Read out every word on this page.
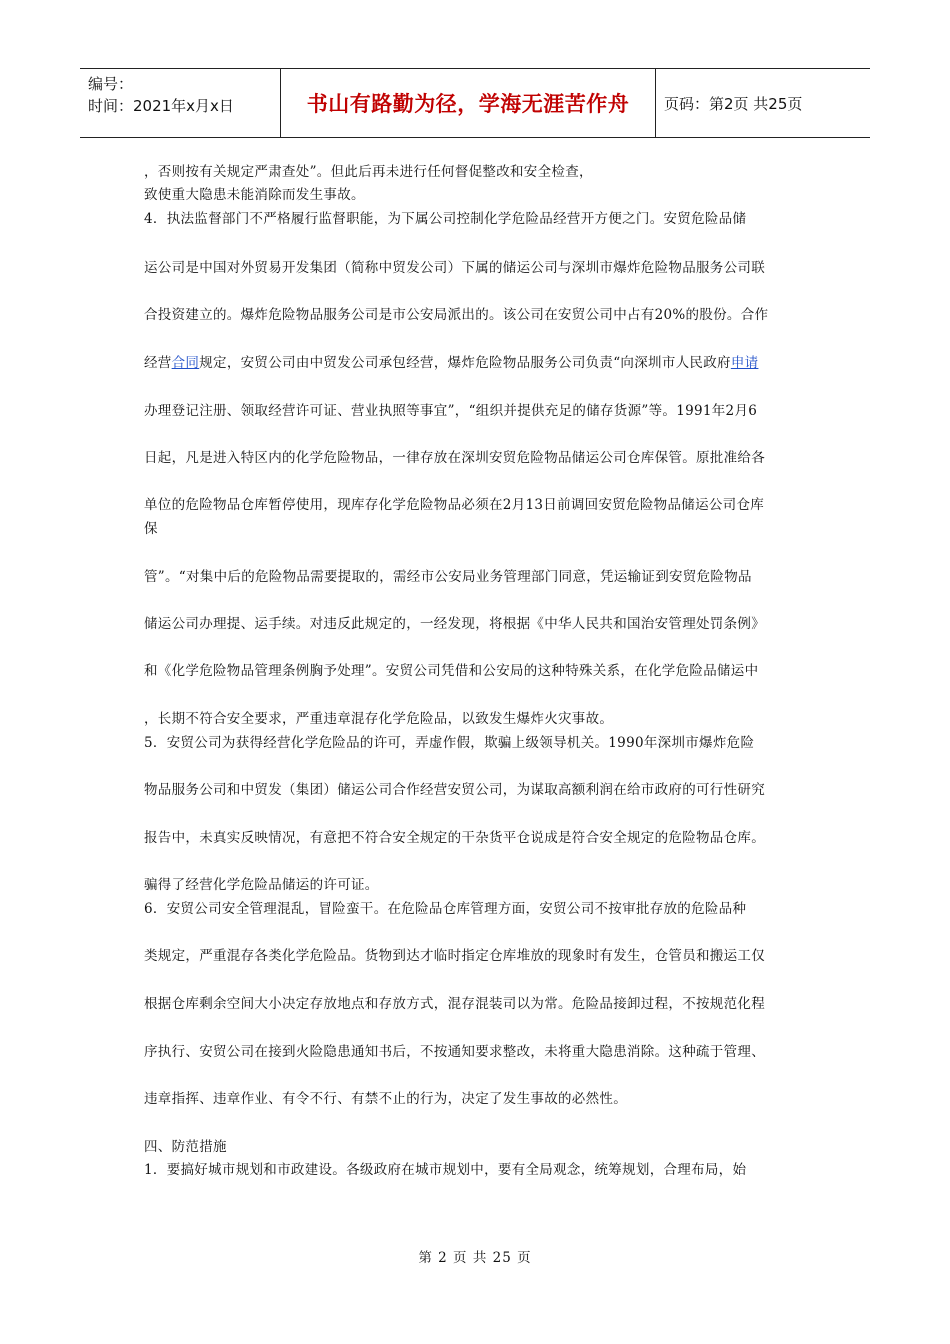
编号：
时间：2021年x月x日	书山有路勤为径，学海无涯苦作舟 页码：第2页 共25页
，否则按有关规定严肃查处”。但此后再未进行任何督促整改和安全检查，
致使重大隐患未能消除而发生事故。
4．执法监督部门不严格履行监督职能，为下属公司控制化学危险品经营开方便之门。安贸危险品储
运公司是中国对外贸易开发集团（简称中贸发公司）下属的储运公司与深圳市爆炸危险物品服务公司联
合投资建立的。爆炸危险物品服务公司是市公安局派出的。该公司在安贸公司中占有20%的股份。合作
经营合同规定，安贸公司由中贸发公司承包经营，爆炸危险物品服务公司负责“向深圳市人民政府申请
办理登记注册、领取经营许可证、营业执照等事宜”，“组织并提供充足的储存货源”等。1991年2月6
日起，凡是进入特区内的化学危险物品，一律存放在深圳安贸危险物品储运公司仓库保管。原批准给各
单位的危险物品仓库暂停使用，现库存化学危险物品必须在2月13日前调回安贸危险物品储运公司仓库
保
管”。“对集中后的危险物品需要提取的，需经市公安局业务管理部门同意，凭运输证到安贸危险物品
储运公司办理提、运手续。对违反此规定的，一经发现，将根据《中华人民共和国治安管理处罚条例》
和《化学危险物品管理条例胸予处理”。安贸公司凭借和公安局的这种特殊关系，在化学危险品储运中
，长期不符合安全要求，严重违章混存化学危险品，以致发生爆炸火灾事故。
5．安贸公司为获得经营化学危险品的许可，弄虚作假，欺骗上级领导机关。1990年深圳市爆炸危险
物品服务公司和中贸发（集团）储运公司合作经营安贸公司，为谋取高额利润在给市政府的可行性研究
报告中，未真实反映情况，有意把不符合安全规定的干杂货平仓说成是符合安全规定的危险物品仓库。
骗得了经营化学危险品储运的许可证。
6．安贸公司安全管理混乱，冒险蛮干。在危险品仓库管理方面，安贸公司不按审批存放的危险品种
类规定，严重混存各类化学危险品。货物到达才临时指定仓库堆放的现象时有发生，仓管员和搬运工仅
根据仓库剩余空间大小决定存放地点和存放方式，混存混装司以为常。危险品接卸过程，不按规范化程
序执行、安贸公司在接到火险隐患通知书后，不按通知要求整改，未将重大隐患消除。这种疏于管理、
违章指挥、违章作业、有令不行、有禁不止的行为，决定了发生事故的必然性。
四、防范措施
1．要搞好城市规划和市政建设。各级政府在城市规划中，要有全局观念，统筹规划，合理布局，始
第 2 页 共 25 页
